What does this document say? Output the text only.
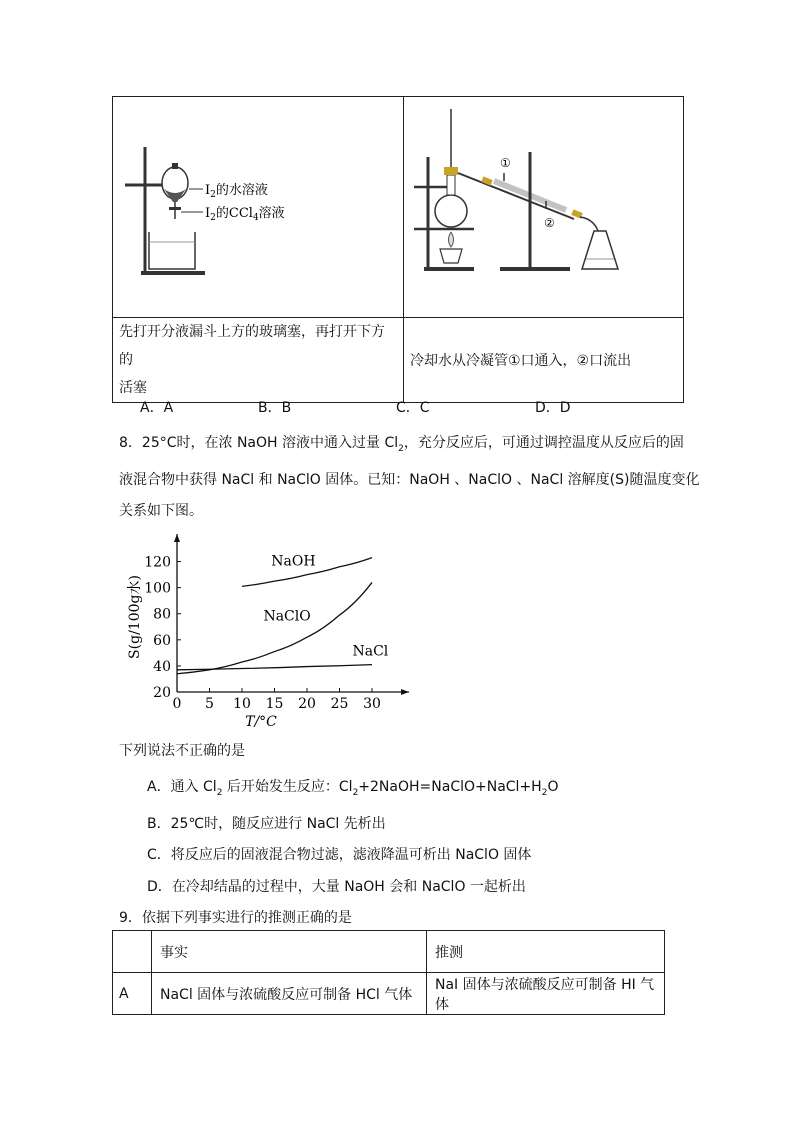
$I_2$的水溶液
$I_2$的CCl$_4$溶液	①
②

先打开分液漏斗上方的玻璃塞，再打开下方的
活塞	冷却水从冷凝管①口通入，②口流出
A．A	B．B	C．C	D．D
8．25°C时，在浓 NaOH 溶液中通入过量 $Cl_2$，充分反应后，可通过调控温度从反应后的固
液混合物中获得 NaCl 和 NaClO 固体。已知：NaOH 、NaClO 、NaCl 溶解度(S)随温度变化
关系如下图。
0 5 10 15 20 25 30
20
40
60
80
100
120
T/°C
S(g/100g水)
NaOH
NaClO
NaCl
下列说法不正确的是
A．通入 $Cl_2$ 后开始发生反应：$Cl_2+2NaOH=NaClO+NaCl+H_2O$
B．25℃时，随反应进行 NaCl 先析出
C．将反应后的固液混合物过滤，滤液降温可析出 NaClO 固体
D．在冷却结晶的过程中，大量 NaOH 会和 NaClO 一起析出
9．依据下列事实进行的推测正确的是
	事实	推测
A	NaCl 固体与浓硫酸反应可制备 HCl 气体	NaI 固体与浓硫酸反应可制备 HI 气体
